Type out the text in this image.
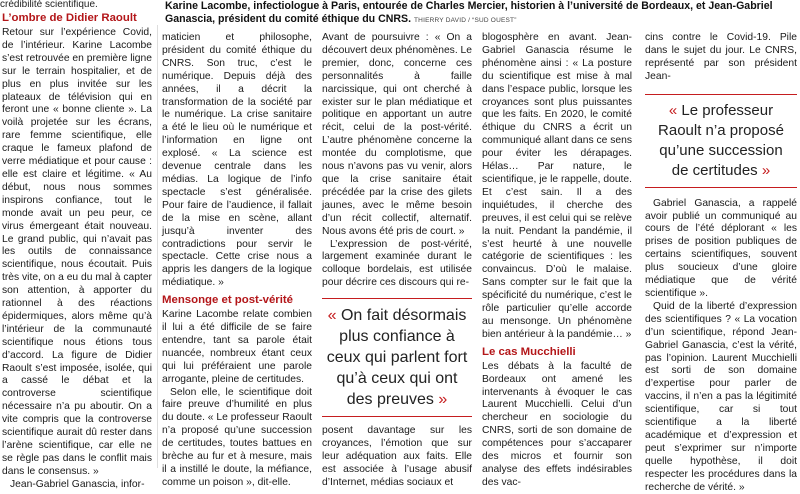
crédibilité scientifique.	Karine Lacombe, infectiologue à Paris, entourée de Charles Mercier, historien à l’université de Bordeaux, et Jean-Gabriel Ganascia, président du comité éthique du CNRS. THIERRY DAVID / “SUD OUEST”
L’ombre de Didier Raoult

Retour sur l’expérience Covid, de l’intérieur. Karine Lacombe s’est retrouvée en première ligne sur le terrain hospitalier, et de plus en plus invitée sur les plateaux de télévision qui en feront une « bonne cliente ». La voilà projetée sur les écrans, rare femme scientifique, elle craque le fameux plafond de verre médiatique et pour cause : elle est claire et légitime. « Au début, nous nous sommes inspirons confiance, tout le monde avait un peu peur, ce virus émergeant était nouveau. Le grand public, qui n’avait pas les outils de connaissance scientifique, nous écoutait. Puis très vite, on a eu du mal à capter son attention, à apporter du rationnel à des réactions épidermiques, alors même qu’à l’intérieur de la communauté scientifique nous étions tous d’accord. La figure de Didier Raoult s’est imposée, isolée, qui a cassé le débat et la controverse scientifique nécessaire n’a pu aboutir. On a vite compris que la controverse scientifique aurait dû rester dans l’arène scientifique, car elle ne se règle pas dans le conflit mais dans le consensus. »

Jean-Gabriel Ganascia, infor-

maticien et philosophe, président du comité éthique du CNRS. Son truc, c’est le numérique. Depuis déjà des années, il a décrit la transformation de la société par le numérique. La crise sanitaire a été le lieu où le numérique et l’information en ligne ont explosé. « La science est devenue centrale dans les médias. La logique de l’info spectacle s’est généralisée. Pour faire de l’audience, il fallait de la mise en scène, allant jusqu’à inventer des contradictions pour servir le spectacle. Cette crise nous a appris les dangers de la logique médiatique. »

Mensonge et post-vérité

Karine Lacombe relate combien il lui a été difficile de se faire entendre, tant sa parole était nuancée, nombreux étant ceux qui lui préféraient une parole arrogante, pleine de certitudes.

Selon elle, le scientifique doit faire preuve d’humilité en plus du doute. « Le professeur Raoult n’a proposé qu’une succession de certitudes, toutes battues en brèche au fur et à mesure, mais il a instillé le doute, la méfiance, comme un poison », dit-elle.

Avant de poursuivre : « On a découvert deux phénomènes. Le premier, donc, concerne ces personnalités à faille narcissique, qui ont cherché à exister sur le plan médiatique et politique en apportant un autre récit, celui de la post-vérité. L’autre phénomène concerne la montée du complotisme, que nous n’avons pas vu venir, alors que la crise sanitaire était précédée par la crise des gilets jaunes, avec le même besoin d’un récit collectif, alternatif. Nous avons été pris de court. »

L’expression de post-vérité, largement examinée durant le colloque bordelais, est utilisée pour décrire ces discours qui re-

« On fait désormais plus confiance à ceux qui parlent fort qu’à ceux qui ont des preuves »

posent davantage sur les croyances, l’émotion que sur leur adéquation aux faits. Elle est associée à l’usage abusif d’Internet, médias sociaux et

blogosphère en avant. Jean-Gabriel Ganascia résume le phénomène ainsi : « La posture du scientifique est mise à mal dans l’espace public, lorsque les croyances sont plus puissantes que les faits. En 2020, le comité éthique du CNRS a écrit un communiqué allant dans ce sens pour éviter les dérapages. Hélas… Par nature, le scientifique, je le rappelle, doute. Et c’est sain. Il a des inquiétudes, il cherche des preuves, il est celui qui se relève la nuit. Pendant la pandémie, il s’est heurté à une nouvelle catégorie de scientifiques : les convaincus. D’où le malaise. Sans compter sur le fait que la spécificité du numérique, c’est le rôle particulier qu’elle accorde au mensonge. Un phénomène bien antérieur à la pandémie… »

Le cas Mucchielli

Les débats à la faculté de Bordeaux ont amené les intervenants à évoquer le cas Laurent Mucchielli. Celui d’un chercheur en sociologie du CNRS, sorti de son domaine de compétences pour s’accaparer des micros et fournir son analyse des effets indésirables des vac-

cins contre le Covid-19. Pile dans le sujet du jour. Le CNRS, représenté par son président Jean-

« Le professeur Raoult n’a proposé qu’une succession de certitudes »

Gabriel Ganascia, a rappelé avoir publié un communiqué au cours de l’été déplorant « les prises de position publiques de certains scientifiques, souvent plus soucieux d’une gloire médiatique que de vérité scientifique ».

Quid de la liberté d’expression des scientifiques ? « La vocation d’un scientifique, répond Jean-Gabriel Ganascia, c’est la vérité, pas l’opinion. Laurent Mucchielli est sorti de son domaine d’expertise pour parler de vaccins, il n’en a pas la légitimité scientifique, car si tout scientifique a la liberté académique et d’expression et peut s’exprimer sur n’importe quelle hypothèse, il doit respecter les procédures dans la recherche de vérité. »
